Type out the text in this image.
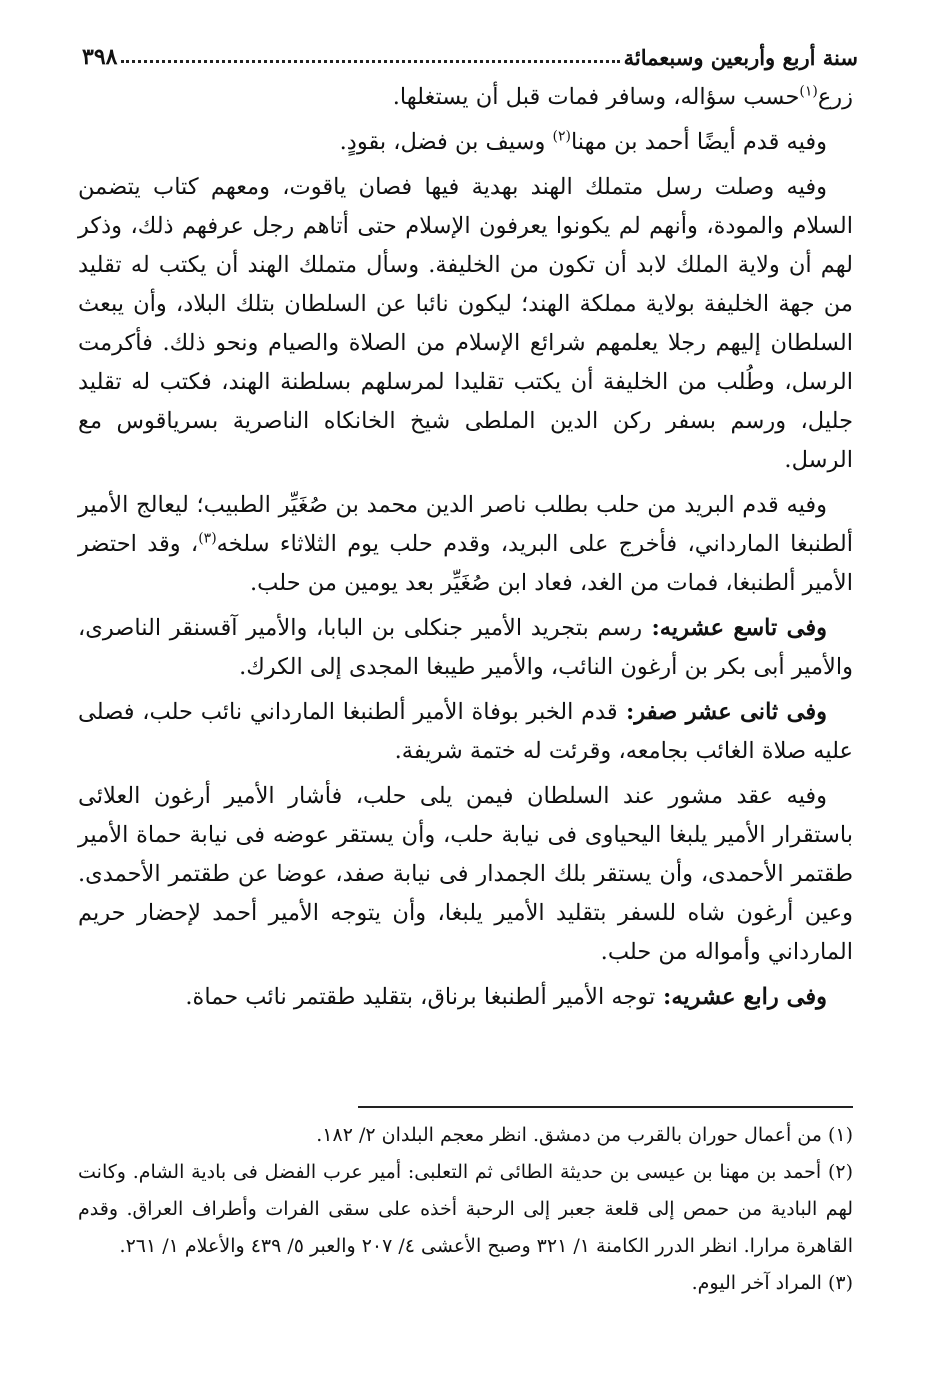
سنة أربع وأربعين وسبعمائة
٣٩٨

زرع$^{(١)}$حسب سؤاله، وسافر فمات قبل أن يستغلها.

وفيه قدم أيضًا أحمد بن مهنا$^{(٢)}$ وسيف بن فضل، بقودٍ.

وفيه وصلت رسل متملك الهند بهدية فيها فصان ياقوت، ومعهم كتاب يتضمن السلام والمودة، وأنهم لم يكونوا يعرفون الإسلام حتى أتاهم رجل عرفهم ذلك، وذكر لهم أن ولاية الملك لابد أن تكون من الخليفة. وسأل متملك الهند أن يكتب له تقليد من جهة الخليفة بولاية مملكة الهند؛ ليكون نائبا عن السلطان بتلك البلاد، وأن يبعث السلطان إليهم رجلا يعلمهم شرائع الإسلام من الصلاة والصيام ونحو ذلك. فأكرمت الرسل، وطُلب من الخليفة أن يكتب تقليدا لمرسلهم بسلطنة الهند، فكتب له تقليد جليل، ورسم بسفر ركن الدين الملطى شيخ الخانكاه الناصرية بسرياقوس مع الرسل.

وفيه قدم البريد من حلب بطلب ناصر الدين محمد بن صُغَيِّر الطبيب؛ ليعالج الأمير ألطنبغا المارداني، فأخرج على البريد، وقدم حلب يوم الثلاثاء سلخه$^{(٣)}$، وقد احتضر الأمير ألطنبغا، فمات من الغد، فعاد ابن صُغَيِّر بعد يومين من حلب.

وفى تاسع عشريه: رسم بتجريد الأمير جنكلى بن البابا، والأمير آقسنقر الناصرى، والأمير أبى بكر بن أرغون النائب، والأمير طيبغا المجدى إلى الكرك.

وفى ثانى عشر صفر: قدم الخبر بوفاة الأمير ألطنبغا المارداني نائب حلب، فصلى عليه صلاة الغائب بجامعه، وقرئت له ختمة شريفة.

وفيه عقد مشور عند السلطان فيمن يلى حلب، فأشار الأمير أرغون العلائى باستقرار الأمير يلبغا اليحياوى فى نيابة حلب، وأن يستقر عوضه فى نيابة حماة الأمير طقتمر الأحمدى، وأن يستقر بلك الجمدار فى نيابة صفد، عوضا عن طقتمر الأحمدى. وعين أرغون شاه للسفر بتقليد الأمير يلبغا، وأن يتوجه الأمير أحمد لإحضار حريم المارداني وأمواله من حلب.

وفى رابع عشريه: توجه الأمير ألطنبغا برناق، بتقليد طقتمر نائب حماة.

(١) من أعمال حوران بالقرب من دمشق. انظر معجم البلدان ٢/ ١٨٢.

(٢) أحمد بن مهنا بن عيسى بن حديثة الطائى ثم التعلبى: أمير عرب الفضل فى بادية الشام. وكانت لهم البادية من حمص إلى قلعة جعبر إلى الرحبة أخذه على سقى الفرات وأطراف العراق. وقدم القاهرة مرارا. انظر الدرر الكامنة ١/ ٣٢١ وصبح الأعشى ٤/ ٢٠٧ والعبر ٥/ ٤٣٩ والأعلام ١/ ٢٦١.

(٣) المراد آخر اليوم.
